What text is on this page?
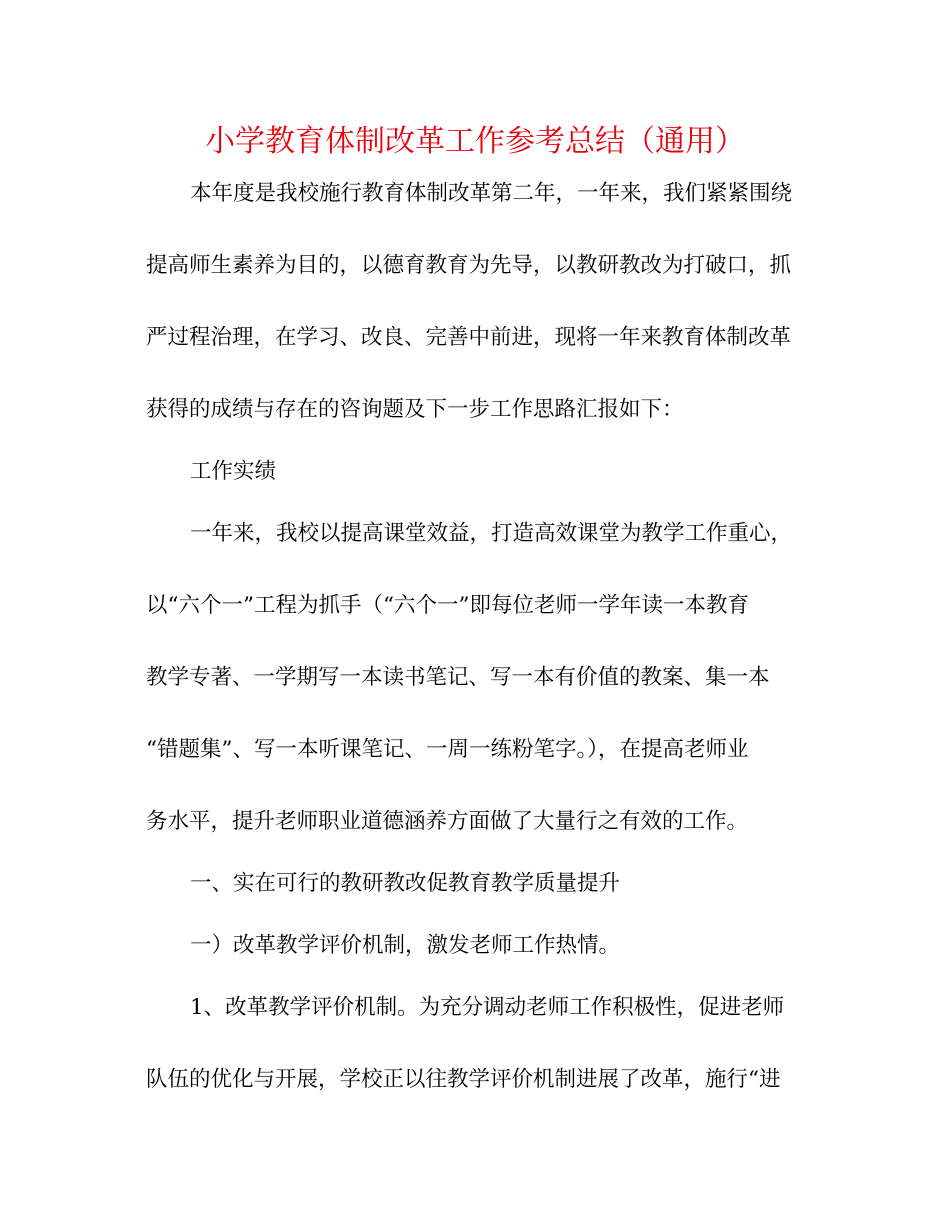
小学教育体制改革工作参考总结（通用）
本年度是我校施行教育体制改革第二年，一年来，我们紧紧围绕
提高师生素养为目的，以德育教育为先导，以教研教改为打破口，抓
严过程治理，在学习、改良、完善中前进，现将一年来教育体制改革
获得的成绩与存在的咨询题及下一步工作思路汇报如下：
工作实绩
一年来，我校以提高课堂效益，打造高效课堂为教学工作重心，
以“六个一”工程为抓手（“六个一”即每位老师一学年读一本教育
教学专著、一学期写一本读书笔记、写一本有价值的教案、集一本
“错题集”、写一本听课笔记、一周一练粉笔字。），在提高老师业
务水平，提升老师职业道德涵养方面做了大量行之有效的工作。
一、实在可行的教研教改促教育教学质量提升
一）改革教学评价机制，激发老师工作热情。
1、改革教学评价机制。为充分调动老师工作积极性，促进老师
队伍的优化与开展，学校正以往教学评价机制进展了改革，施行“进
